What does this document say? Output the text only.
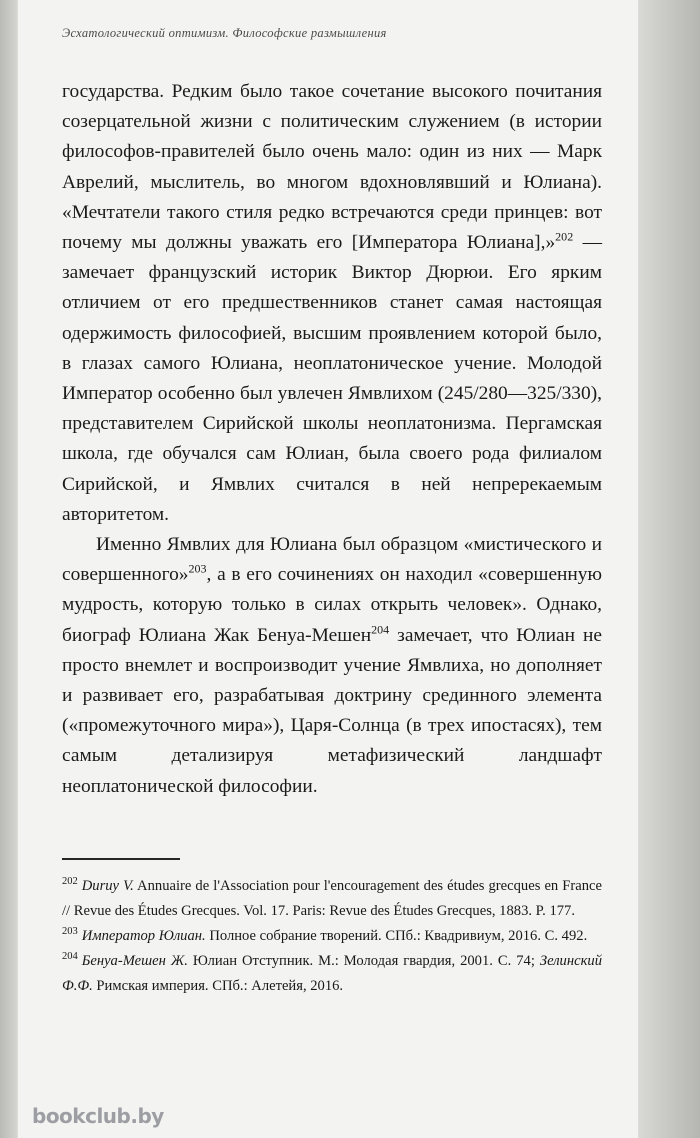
Эсхатологический оптимизм. Философские размышления

государства. Редким было такое сочетание высокого почитания созерцательной жизни с политическим служением (в истории философов-правителей было очень мало: один из них — Марк Аврелий, мыслитель, во многом вдохновлявший и Юлиана). «Мечтатели такого стиля редко встречаются среди принцев: вот почему мы должны уважать его [Императора Юлиана],»$^{202}$ — замечает французский историк Виктор Дюрюи. Его ярким отличием от его предшественников станет самая настоящая одержимость философией, высшим проявлением которой было, в глазах самого Юлиана, неоплатоническое учение. Молодой Император особенно был увлечен Ямвлихом (245/280—325/330), представителем Сирийской школы неоплатонизма. Пергамская школа, где обучался сам Юлиан, была своего рода филиалом Сирийской, и Ямвлих считался в ней непререкаемым авторитетом.

Именно Ямвлих для Юлиана был образцом «мистического и совершенного»$^{203}$, а в его сочинениях он находил «совершенную мудрость, которую только в силах открыть человек». Однако, биограф Юлиана Жак Бенуа-Мешен$^{204}$ замечает, что Юлиан не просто внемлет и воспроизводит учение Ямвлиха, но дополняет и развивает его, разрабатывая доктрину срединного элемента («промежуточного мира»), Царя-Солнца (в трех ипостасях), тем самым детализируя метафизический ландшафт неоплатонической философии.

$^{202}$ Duruy V. Annuaire de l'Association pour l'encouragement des études grecques en France // Revue des Études Grecques. Vol. 17. Paris: Revue des Études Grecques, 1883. P. 177.

$^{203}$ Император Юлиан. Полное собрание творений. СПб.: Квадривиум, 2016. С. 492.

$^{204}$ Бенуа-Мешен Ж. Юлиан Отступник. М.: Молодая гвардия, 2001. С. 74; Зелинский Ф.Ф. Римская империя. СПб.: Алетейя, 2016.

bookclub.by
